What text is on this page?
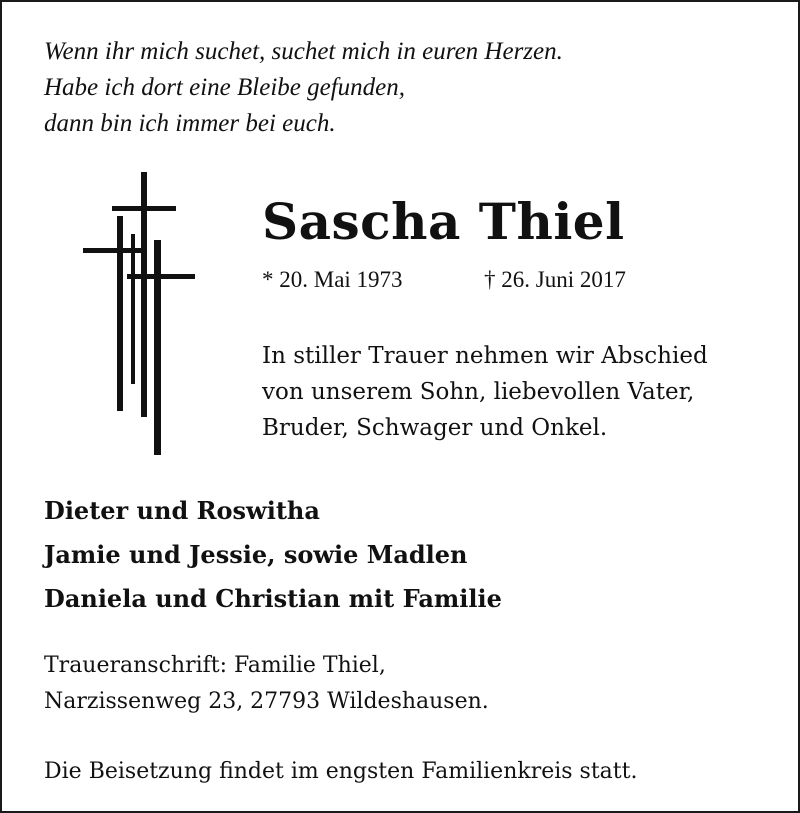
Wenn ihr mich suchet, suchet mich in euren Herzen.
Habe ich dort eine Bleibe gefunden,
dann bin ich immer bei euch.
Sascha Thiel
* 20. Mai 1973	† 26. Juni 2017
In stiller Trauer nehmen wir Abschied
von unserem Sohn, liebevollen Vater,
Bruder, Schwager und Onkel.
Dieter und Roswitha
Jamie und Jessie, sowie Madlen
Daniela und Christian mit Familie
Traueranschrift: Familie Thiel,
Narzissenweg 23, 27793 Wildeshausen.
Die Beisetzung findet im engsten Familienkreis statt.
